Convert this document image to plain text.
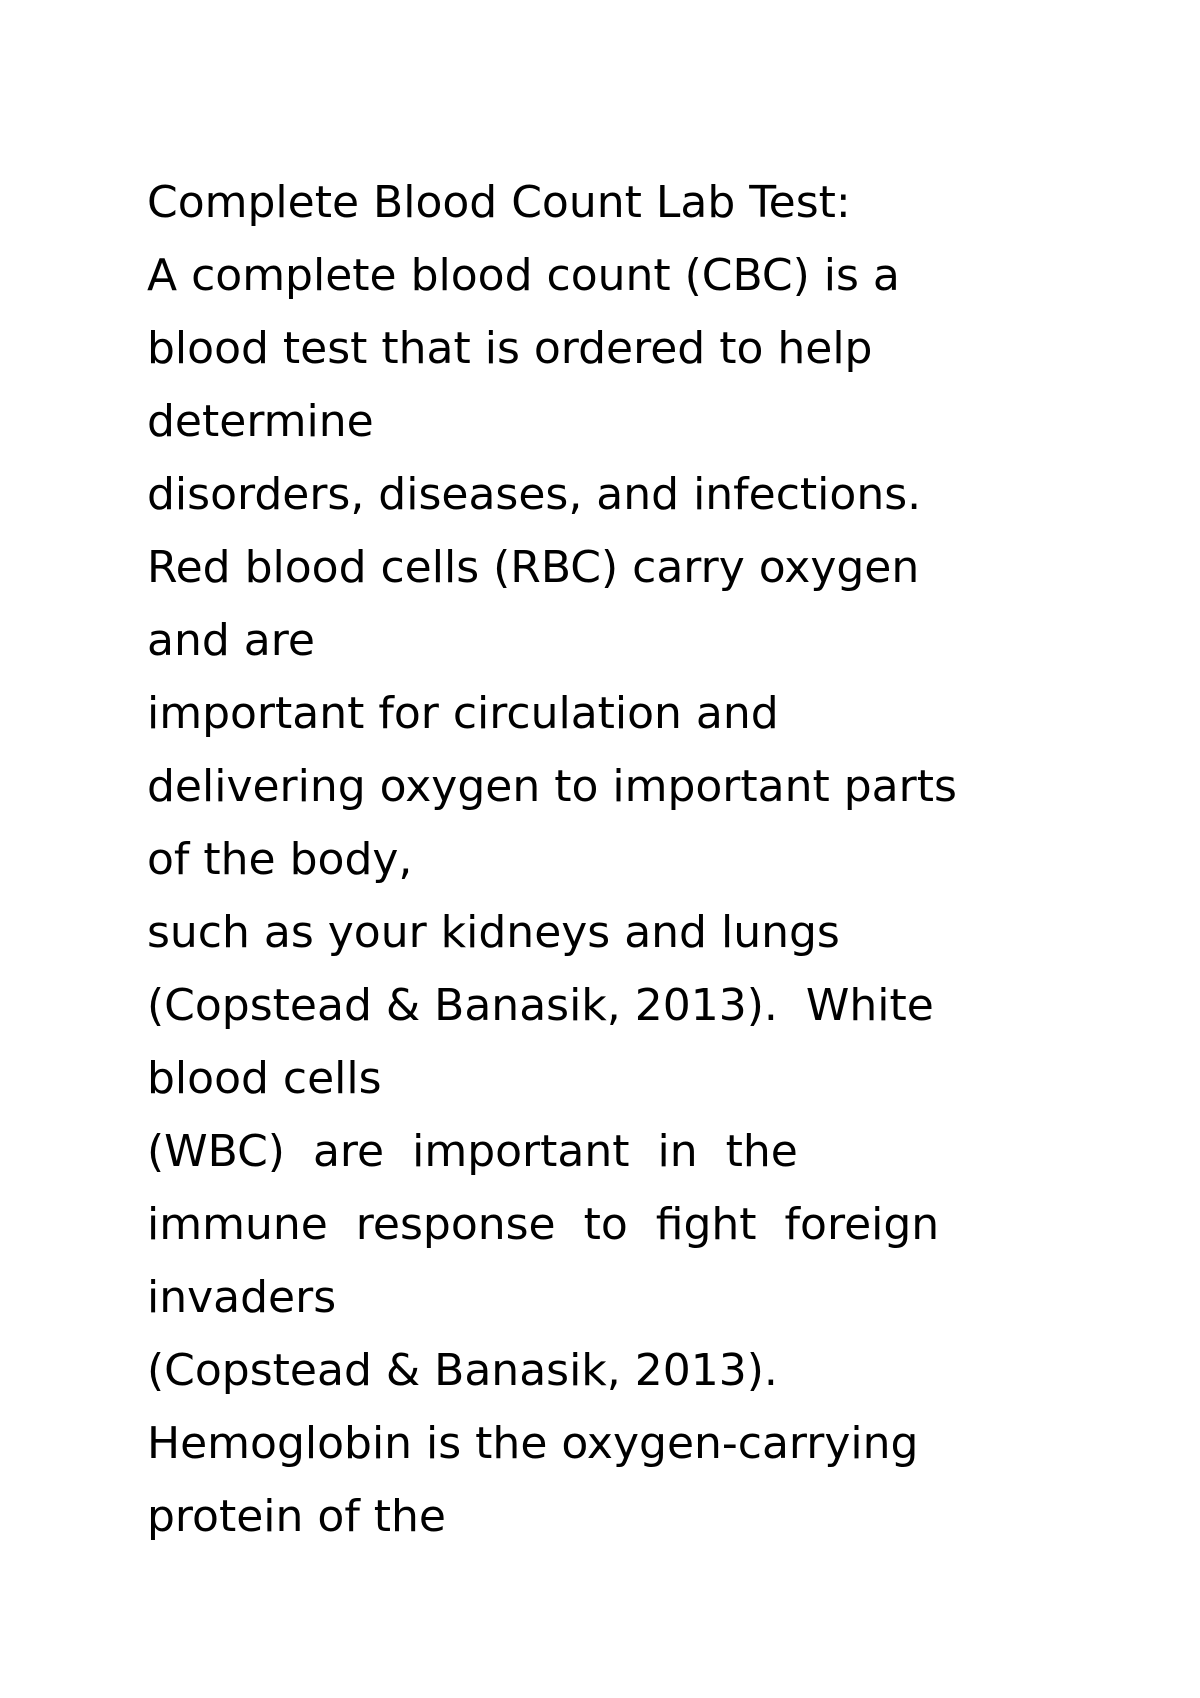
Complete Blood Count Lab Test:
A complete blood count (CBC) is a
blood test that is ordered to help
determine
disorders, diseases, and infections.
Red blood cells (RBC) carry oxygen
and are
important for circulation and
delivering oxygen to important parts
of the body,
such as your kidneys and lungs
(Copstead & Banasik, 2013).  White
blood cells
(WBC) are important in the
immune response to fight foreign
invaders
(Copstead & Banasik, 2013).
Hemoglobin is the oxygen-carrying
protein of the
